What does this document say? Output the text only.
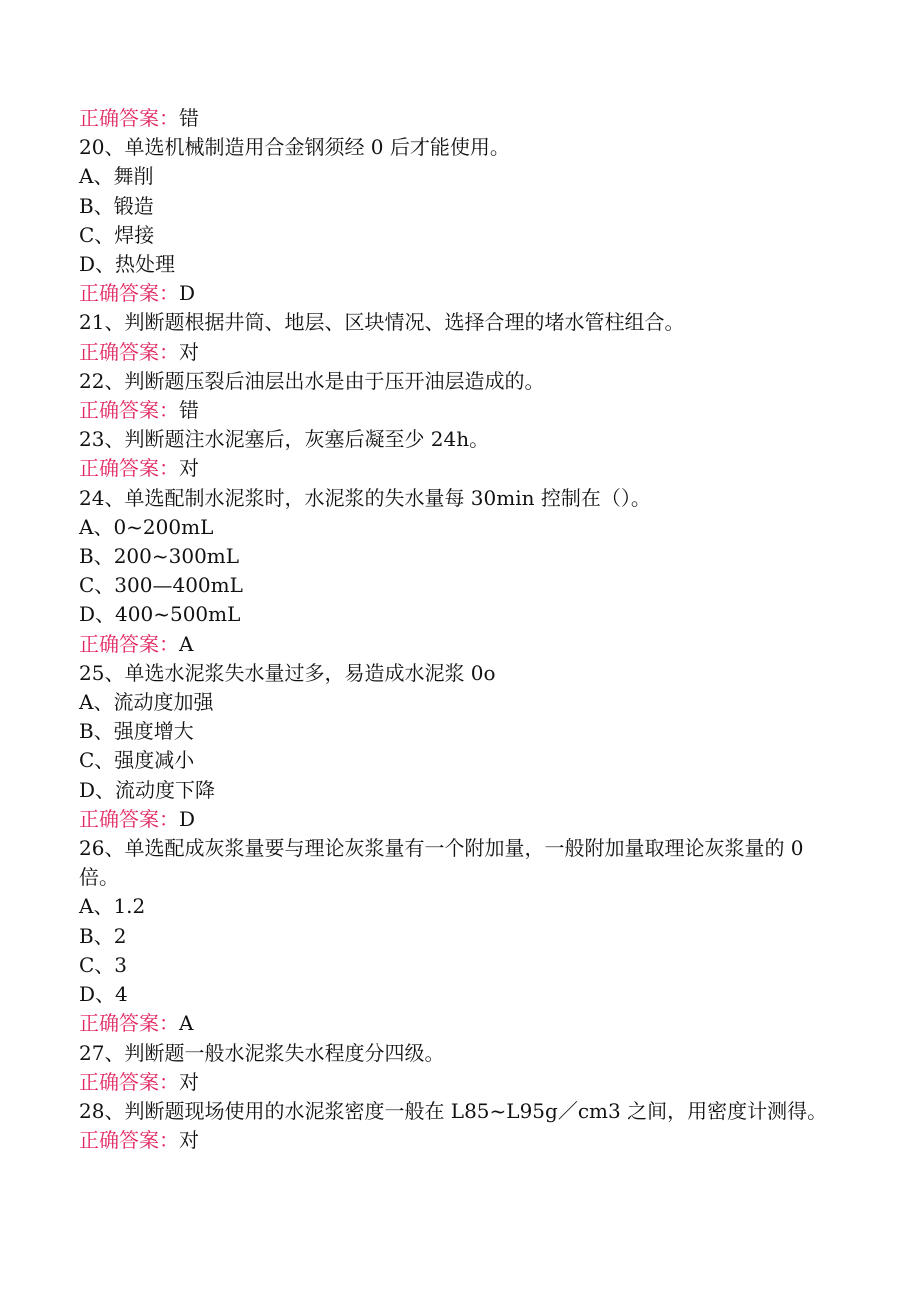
正确答案：错
20、单选机械制造用合金钢须经 0 后才能使用。
A、舞削
B、锻造
C、焊接
D、热处理
正确答案：D
21、判断题根据井筒、地层、区块情况、选择合理的堵水管柱组合。
正确答案：对
22、判断题压裂后油层出水是由于压开油层造成的。
正确答案：错
23、判断题注水泥塞后，灰塞后凝至少 24h。
正确答案：对
24、单选配制水泥浆时，水泥浆的失水量每 30min 控制在（）。
A、0~200mL
B、200~300mL
C、300—400mL
D、400~500mL
正确答案：A
25、单选水泥浆失水量过多，易造成水泥浆 0o
A、流动度加强
B、强度增大
C、强度减小
D、流动度下降
正确答案：D
26、单选配成灰浆量要与理论灰浆量有一个附加量，一般附加量取理论灰浆量的 0 倍。
A、1.2
B、2
C、3
D、4
正确答案：A
27、判断题一般水泥浆失水程度分四级。
正确答案：对
28、判断题现场使用的水泥浆密度一般在 L85~L95g／cm3 之间，用密度计测得。
正确答案：对
